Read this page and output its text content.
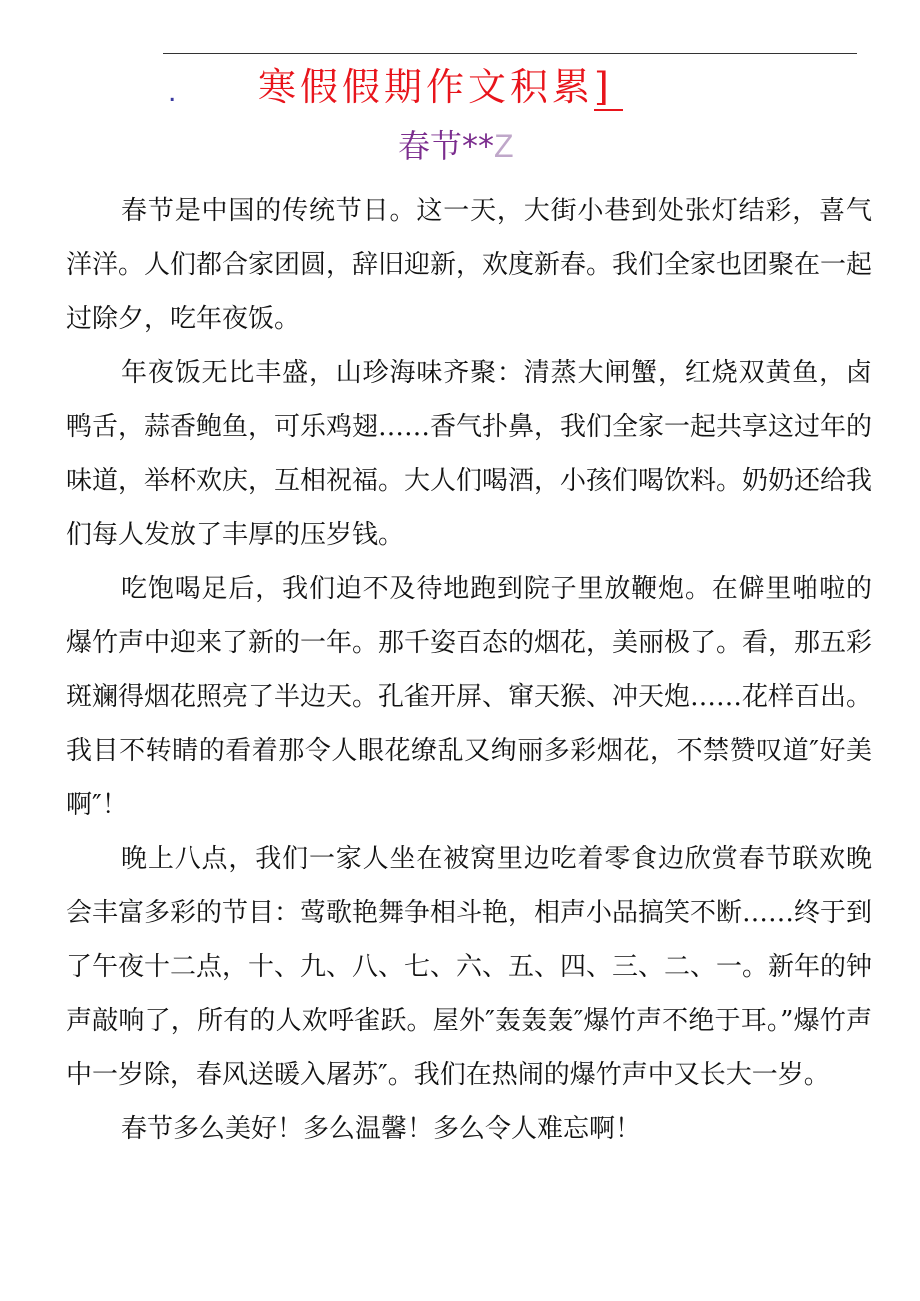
. 寒假假期作文积累]
春节**Z

春节是中国的传统节日。这一天，大街小巷到处张灯结彩，喜气洋洋。人们都合家团圆，辞旧迎新，欢度新春。我们全家也团聚在一起过除夕，吃年夜饭。

年夜饭无比丰盛，山珍海味齐聚：清蒸大闸蟹，红烧双黄鱼，卤鸭舌，蒜香鲍鱼，可乐鸡翅……香气扑鼻，我们全家一起共享这过年的味道，举杯欢庆，互相祝福。大人们喝酒，小孩们喝饮料。奶奶还给我们每人发放了丰厚的压岁钱。

吃饱喝足后，我们迫不及待地跑到院子里放鞭炮。在僻里啪啦的爆竹声中迎来了新的一年。那千姿百态的烟花，美丽极了。看，那五彩斑斓得烟花照亮了半边天。孔雀开屏、窜天猴、冲天炮……花样百出。我目不转睛的看着那令人眼花缭乱又绚丽多彩烟花，不禁赞叹道″好美啊″！

晚上八点，我们一家人坐在被窝里边吃着零食边欣赏春节联欢晚会丰富多彩的节目：莺歌艳舞争相斗艳，相声小品搞笑不断……终于到了午夜十二点，十、九、八、七、六、五、四、三、二、一。新年的钟声敲响了，所有的人欢呼雀跃。屋外″轰轰轰″爆竹声不绝于耳。”爆竹声中一岁除，春风送暖入屠苏″。我们在热闹的爆竹声中又长大一岁。

春节多么美好！多么温馨！多么令人难忘啊！
